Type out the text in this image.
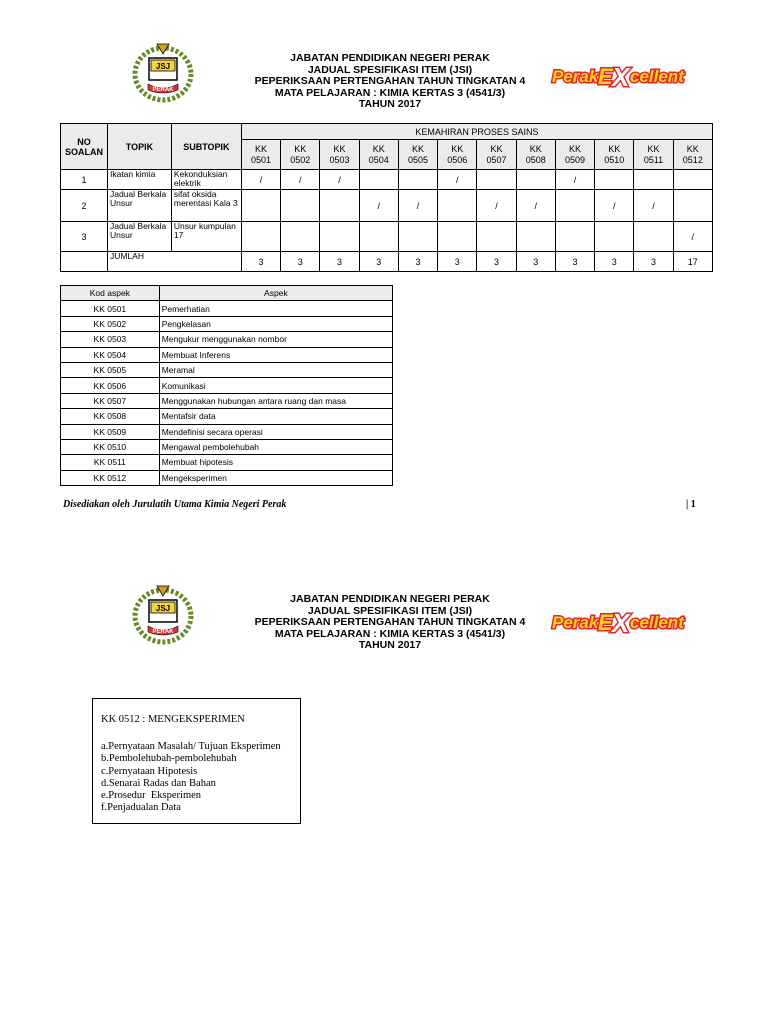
JSJ
PERAK
JABATAN PENDIDIKAN NEGERI PERAK
JADUAL SPESIFIKASI ITEM (JSI)
PEPERIKSAAN PERTENGAHAN TAHUN TINGKATAN 4
MATA PELAJARAN : KIMIA KERTAS 3 (4541/3)
TAHUN 2017
Perak E X cellent
NO SOALAN	TOPIK	SUBTOPIK	KEMAHIRAN PROSES SAINS											
			KK 0501	KK 0502	KK 0503	KK 0504	KK 0505	KK 0506	KK 0507	KK 0508	KK 0509	KK 0510	KK 0511	KK 0512
1	Ikatan kimia	Kekonduksian elektrik	/	/	/			/			/			
2	Jadual Berkala Unsur	sifat oksida merentasi Kala 3				/	/		/	/		/	/	
3	Jadual Berkala Unsur	Unsur kumpulan 17												/
	JUMLAH		3	3	3	3	3	3	3	3	3	3	3	17
Kod aspek	Aspek
KK 0501	Pemerhatian
KK 0502	Pengkelasan
KK 0503	Mengukur menggunakan nombor
KK 0504	Membuat Inferens
KK 0505	Meramal
KK 0506	Komunikasi
KK 0507	Menggunakan hubungan antara ruang dan masa
KK 0508	Mentafsir data
KK 0509	Mendefinisi secara operasi
KK 0510	Mengawal pembolehubah
KK 0511	Membuat hipotesis
KK 0512	Mengeksperimen
Disediakan oleh Jurulatih Utama Kimia Negeri Perak	| 1
JSJ
PERAK
JABATAN PENDIDIKAN NEGERI PERAK
JADUAL SPESIFIKASI ITEM (JSI)
PEPERIKSAAN PERTENGAHAN TAHUN TINGKATAN 4
MATA PELAJARAN : KIMIA KERTAS 3 (4541/3)
TAHUN 2017
Perak E X cellent
KK 0512 : MENGEKSPERIMEN
a.Pernyataan Masalah/ Tujuan Eksperimen
b.Pembolehubah-pembolehubah
c.Pernyataan Hipotesis
d.Senarai Radas dan Bahan
e.Prosedur  Eksperimen
f.Penjadualan Data
